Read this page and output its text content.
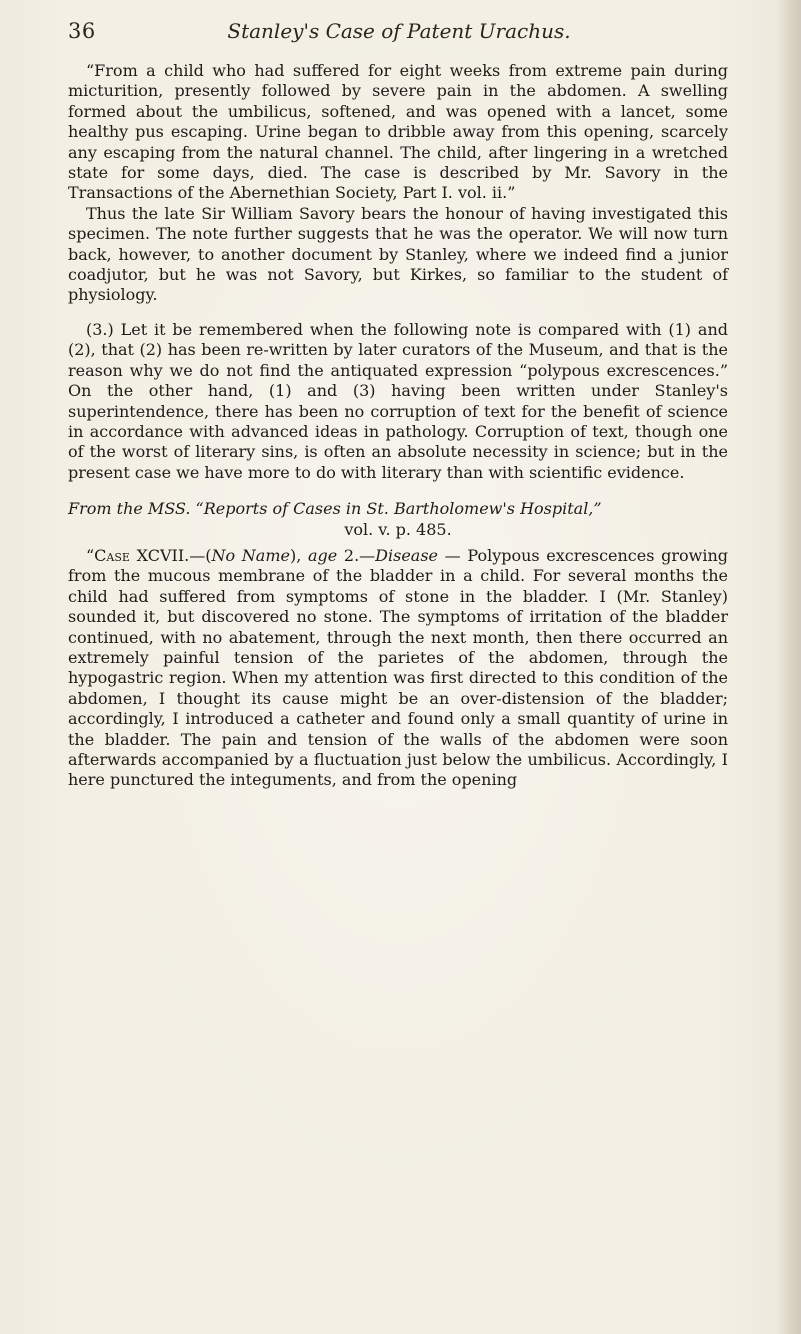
36	Stanley's Case of Patent Urachus.

“From a child who had suffered for eight weeks from extreme pain during micturition, presently followed by severe pain in the abdomen. A swelling formed about the umbilicus, softened, and was opened with a lancet, some healthy pus escaping. Urine began to dribble away from this opening, scarcely any escaping from the natural channel. The child, after lingering in a wretched state for some days, died. The case is described by Mr. Savory in the Transactions of the Abernethian Society, Part I. vol. ii.”

Thus the late Sir William Savory bears the honour of having investigated this specimen. The note further suggests that he was the operator. We will now turn back, however, to another document by Stanley, where we indeed find a junior coadjutor, but he was not Savory, but Kirkes, so familiar to the student of physiology.

(3.) Let it be remembered when the following note is compared with (1) and (2), that (2) has been re-written by later curators of the Museum, and that is the reason why we do not find the antiquated expression “polypous excrescences.” On the other hand, (1) and (3) having been written under Stanley's superintendence, there has been no corruption of text for the benefit of science in accordance with advanced ideas in pathology. Corruption of text, though one of the worst of literary sins, is often an absolute necessity in science; but in the present case we have more to do with literary than with scientific evidence.

From the MSS. “Reports of Cases in St. Bartholomew's Hospital,”

vol. v. p. 485.

“Case XCVII.—(No Name), age 2.—Disease — Polypous excrescences growing from the mucous membrane of the bladder in a child. For several months the child had suffered from symptoms of stone in the bladder. I (Mr. Stanley) sounded it, but discovered no stone. The symptoms of irritation of the bladder continued, with no abatement, through the next month, then there occurred an extremely painful tension of the parietes of the abdomen, through the hypogastric region. When my attention was first directed to this condition of the abdomen, I thought its cause might be an over-distension of the bladder; accordingly, I introduced a catheter and found only a small quantity of urine in the bladder. The pain and tension of the walls of the abdomen were soon afterwards accompanied by a fluctuation just below the umbilicus. Accordingly, I here punctured the integuments, and from the opening
